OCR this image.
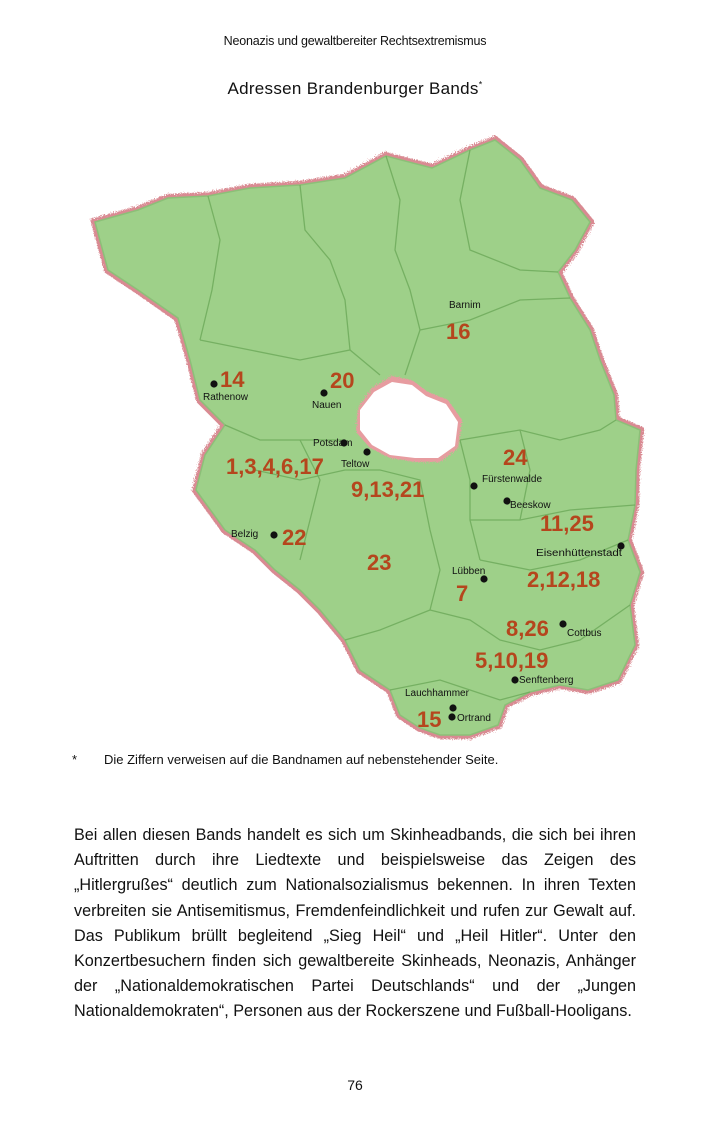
Neonazis und gewaltbereiter Rechtsextremismus
Adressen Brandenburger Bands*
Barnim
Rathenow
Nauen
Potsdam
Teltow
Fürstenwalde
Beeskow
Belzig
Eisenhüttenstadt
Lübben
Cottbus
Senftenberg
Lauchhammer
Ortrand
16
14	20
1,3,4,6,17
9,13,21
24
11,25
22
23
2,12,18
7
8,26
5,10,19
15
* Die Ziffern verweisen auf die Bandnamen auf nebenstehender Seite.

Bei allen diesen Bands handelt es sich um Skinheadbands, die sich bei ihren Auftritten durch ihre Liedtexte und beispielsweise das Zeigen des „Hitlergrußes“ deutlich zum Nationalsozialismus bekennen. In ihren Texten verbreiten sie Antisemitismus, Fremdenfeindlichkeit und rufen zur Gewalt auf. Das Publikum brüllt begleitend „Sieg Heil“ und „Heil Hitler“. Unter den Konzertbesuchern finden sich gewaltbereite Skinheads, Neonazis, Anhänger der „Nationaldemokratischen Partei Deutschlands“ und der „Jungen Nationaldemokraten“, Personen aus der Rockerszene und Fußball-Hooligans.

76
